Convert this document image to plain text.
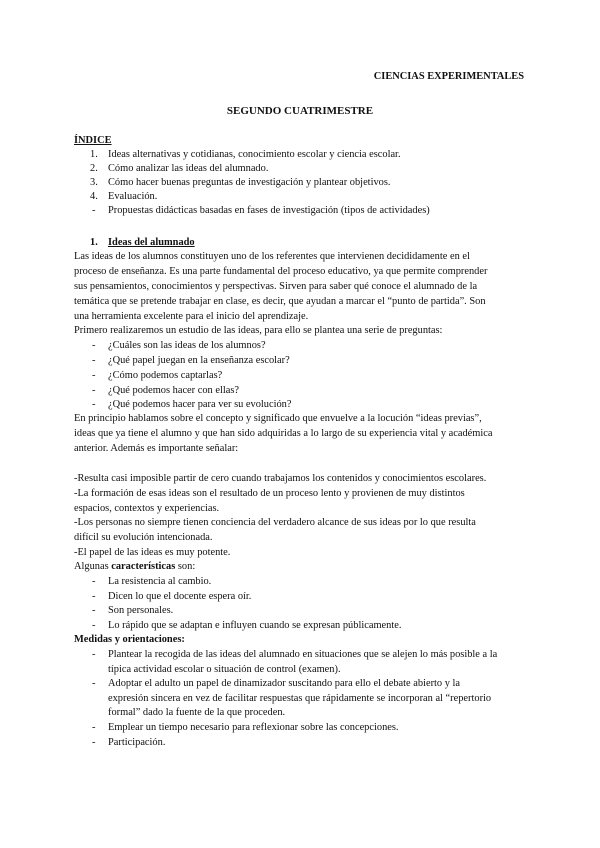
CIENCIAS EXPERIMENTALES
SEGUNDO CUATRIMESTRE
ÍNDICE
1. Ideas alternativas y cotidianas, conocimiento escolar y ciencia escolar.
2. Cómo analizar las ideas del alumnado.
3. Cómo hacer buenas preguntas de investigación y plantear objetivos.
4. Evaluación.
- Propuestas didácticas basadas en fases de investigación (tipos de actividades)
1. Ideas del alumnado
Las ideas de los alumnos constituyen uno de los referentes que intervienen decididamente en el
proceso de enseñanza. Es una parte fundamental del proceso educativo, ya que permite comprender
sus pensamientos, conocimientos y perspectivas. Sirven para saber qué conoce el alumnado de la
temática que se pretende trabajar en clase, es decir, que ayudan a marcar el “punto de partida”. Son
una herramienta excelente para el inicio del aprendizaje.
Primero realizaremos un estudio de las ideas, para ello se plantea una serie de preguntas:
- ¿Cuáles son las ideas de los alumnos?
- ¿Qué papel juegan en la enseñanza escolar?
- ¿Cómo podemos captarlas?
- ¿Qué podemos hacer con ellas?
- ¿Qué podemos hacer para ver su evolución?
En principio hablamos sobre el concepto y significado que envuelve a la locución “ideas previas”,
ideas que ya tiene el alumno y que han sido adquiridas a lo largo de su experiencia vital y académica
anterior. Además es importante señalar:
-Resulta casi imposible partir de cero cuando trabajamos los contenidos y conocimientos escolares.
-La formación de esas ideas son el resultado de un proceso lento y provienen de muy distintos
espacios, contextos y experiencias.
-Los personas no siempre tienen conciencia del verdadero alcance de sus ideas por lo que resulta
difícil su evolución intencionada.
-El papel de las ideas es muy potente.
Algunas características son:
- La resistencia al cambio.
- Dicen lo que el docente espera oír.
- Son personales.
- Lo rápido que se adaptan e influyen cuando se expresan públicamente.
Medidas y orientaciones:
- Plantear la recogida de las ideas del alumnado en situaciones que se alejen lo más posible a la
típica actividad escolar o situación de control (examen).
- Adoptar el adulto un papel de dinamizador suscitando para ello el debate abierto y la
expresión sincera en vez de facilitar respuestas que rápidamente se incorporan al “repertorio
formal” dado la fuente de la que proceden.
- Emplear un tiempo necesario para reflexionar sobre las concepciones.
- Participación.
